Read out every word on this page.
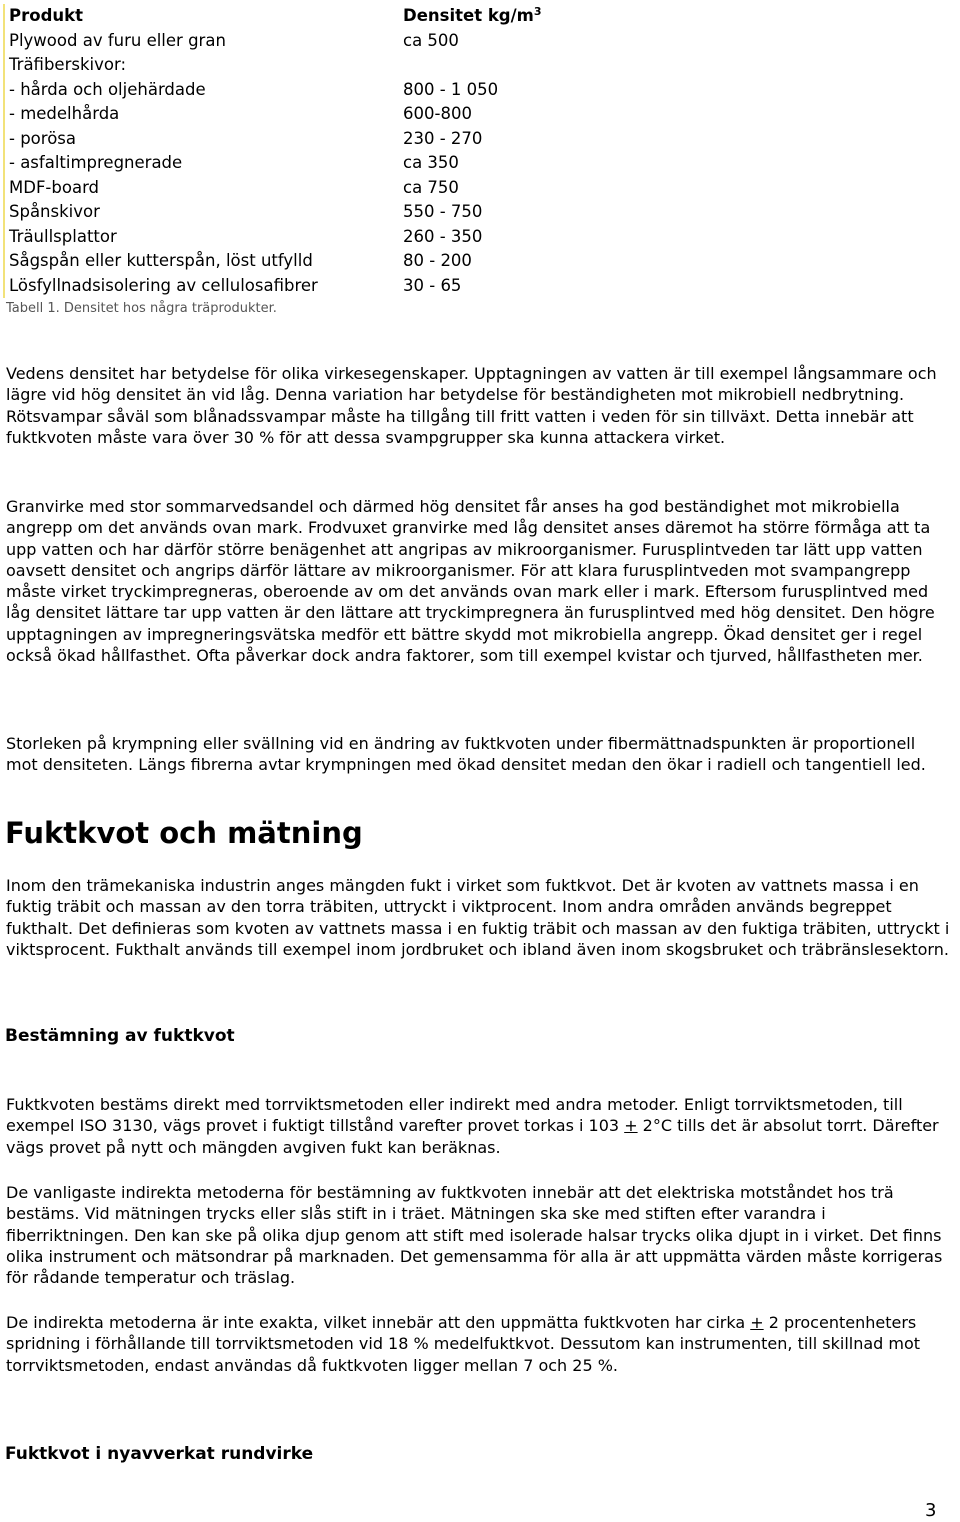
Produkt	Densitet $kg/m^3$
Plywood av furu eller gran	ca 500
Träfiberskivor:
- hårda och oljehärdade	800 - 1 050
- medelhårda	600-800
- porösa	230 - 270
- asfaltimpregnerade	ca 350
MDF-board	ca 750
Spånskivor	550 - 750
Träullsplattor	260 - 350
Sågspån eller kutterspån, löst utfylld	80 - 200
Lösfyllnadsisolering av cellulosafibrer	30 - 65
Tabell 1. Densitet hos några träprodukter.

Vedens densitet har betydelse för olika virkesegenskaper. Upptagningen av vatten är till exempel långsammare och lägre vid hög densitet än vid låg. Denna variation har betydelse för beständigheten mot mikrobiell nedbrytning. Rötsvampar såväl som blånadssvampar måste ha tillgång till fritt vatten i veden för sin tillväxt. Detta innebär att fuktkvoten måste vara över 30 % för att dessa svampgrupper ska kunna attackera virket.

Granvirke med stor sommarvedsandel och därmed hög densitet får anses ha god beständighet mot mikrobiella angrepp om det används ovan mark. Frodvuxet granvirke med låg densitet anses däremot ha större förmåga att ta upp vatten och har därför större benägenhet att angripas av mikroorganismer. Furusplintveden tar lätt upp vatten oavsett densitet och angrips därför lättare av mikroorganismer. För att klara furusplintveden mot svampangrepp måste virket tryckimpregneras, oberoende av om det används ovan mark eller i mark. Eftersom furusplintved med låg densitet lättare tar upp vatten är den lättare att tryckimpregnera än furusplintved med hög densitet. Den högre upptagningen av impregneringsvätska medför ett bättre skydd mot mikrobiella angrepp. Ökad densitet ger i regel också ökad hållfasthet. Ofta påverkar dock andra faktorer, som till exempel kvistar och tjurved, hållfastheten mer.

Storleken på krympning eller svällning vid en ändring av fuktkvoten under fibermättnadspunkten är proportionell mot densiteten. Längs fibrerna avtar krympningen med ökad densitet medan den ökar i radiell och tangentiell led.

Fuktkvot och mätning

Inom den trämekaniska industrin anges mängden fukt i virket som fuktkvot. Det är kvoten av vattnets massa i en fuktig träbit och massan av den torra träbiten, uttryckt i viktprocent. Inom andra områden används begreppet fukthalt. Det definieras som kvoten av vattnets massa i en fuktig träbit och massan av den fuktiga träbiten, uttryckt i viktsprocent. Fukthalt används till exempel inom jordbruket och ibland även inom skogsbruket och träbränslesektorn.

Bestämning av fuktkvot

Fuktkvoten bestäms direkt med torrviktsmetoden eller indirekt med andra metoder. Enligt torrviktsmetoden, till exempel ISO 3130, vägs provet i fuktigt tillstånd varefter provet torkas i 103 + 2°C tills det är absolut torrt. Därefter vägs provet på nytt och mängden avgiven fukt kan beräknas.

De vanligaste indirekta metoderna för bestämning av fuktkvoten innebär att det elektriska motståndet hos trä bestäms. Vid mätningen trycks eller slås stift in i träet. Mätningen ska ske med stiften efter varandra i fiberriktningen. Den kan ske på olika djup genom att stift med isolerade halsar trycks olika djupt in i virket. Det finns olika instrument och mätsondrar på marknaden. Det gemensamma för alla är att uppmätta värden måste korrigeras för rådande temperatur och träslag.

De indirekta metoderna är inte exakta, vilket innebär att den uppmätta fuktkvoten har cirka + 2 procentenheters spridning i förhållande till torrviktsmetoden vid 18 % medelfuktkvot. Dessutom kan instrumenten, till skillnad mot torrviktsmetoden, endast användas då fuktkvoten ligger mellan 7 och 25 %.

Fuktkvot i nyavverkat rundvirke
3
